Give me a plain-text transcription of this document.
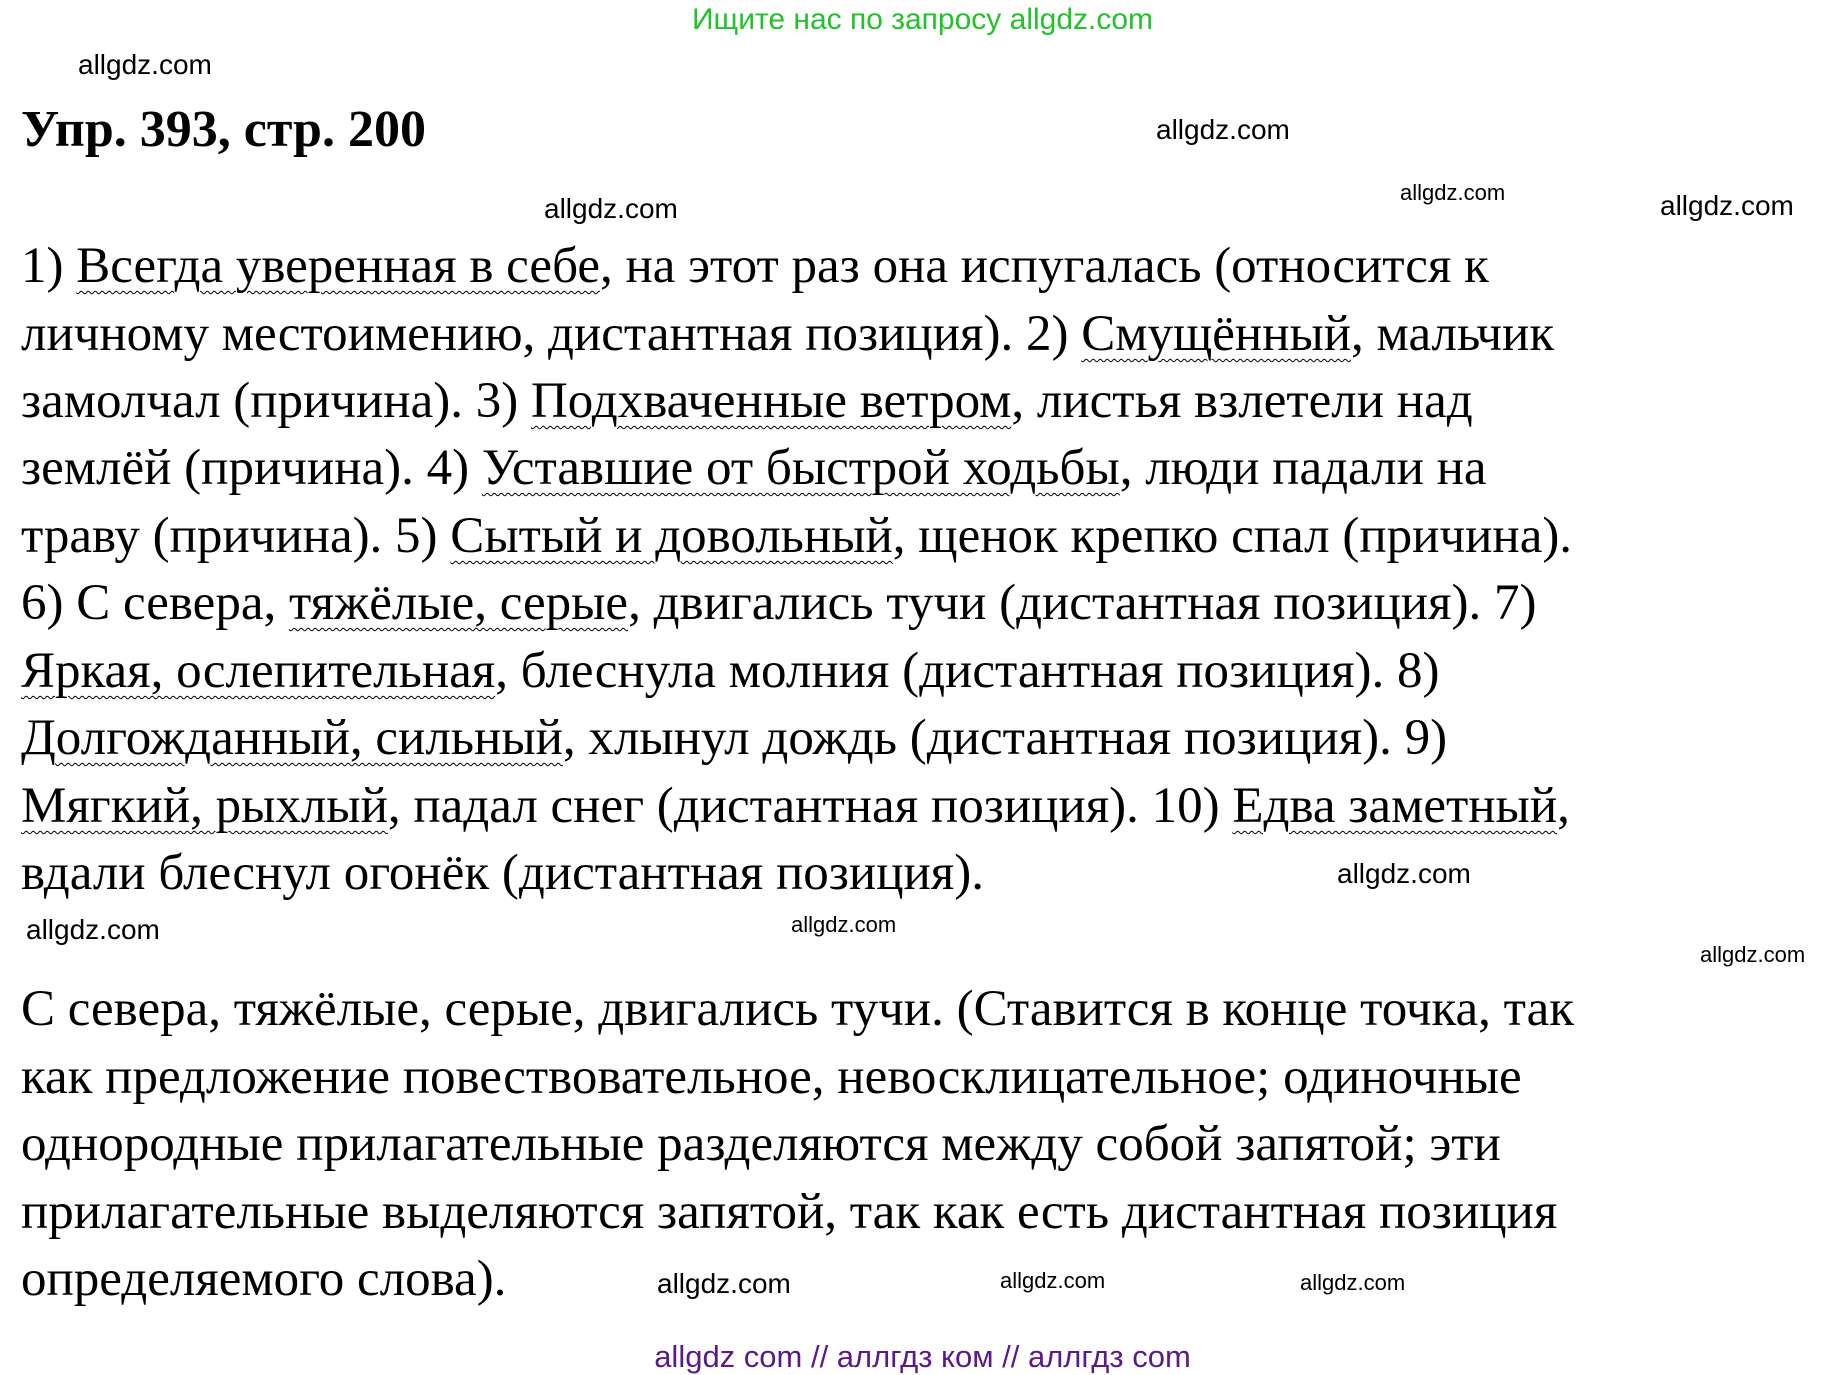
Ищите нас по запросу allgdz.com
Упр. 393, стр. 200
1) Всегда уверенная в себе, на этот раз она испугалась (относится к
личному местоимению, дистантная позиция). 2) Смущённый, мальчик
замолчал (причина). 3) Подхваченные ветром, листья взлетели над
землёй (причина). 4) Уставшие от быстрой ходьбы, люди падали на
траву (причина). 5) Сытый и довольный, щенок крепко спал (причина).
6) С севера, тяжёлые, серые, двигались тучи (дистантная позиция). 7)
Яркая, ослепительная, блеснула молния (дистантная позиция). 8)
Долгожданный, сильный, хлынул дождь (дистантная позиция). 9)
Мягкий, рыхлый, падал снег (дистантная позиция). 10) Едва заметный,
вдали блеснул огонёк (дистантная позиция).
С севера, тяжёлые, серые, двигались тучи. (Ставится в конце точка, так
как предложение повествовательное, невосклицательное; одиночные
однородные прилагательные разделяются между собой запятой; эти
прилагательные выделяются запятой, так как есть дистантная позиция
определяемого слова).
allgdz.com
allgdz.com
allgdz.com
allgdz.com	allgdz.com
allgdz.com
allgdz.com
allgdz.com
allgdz.com
allgdz.com	allgdz.com
allgdz.com
allgdz com // аллгдз ком // аллгдз com
